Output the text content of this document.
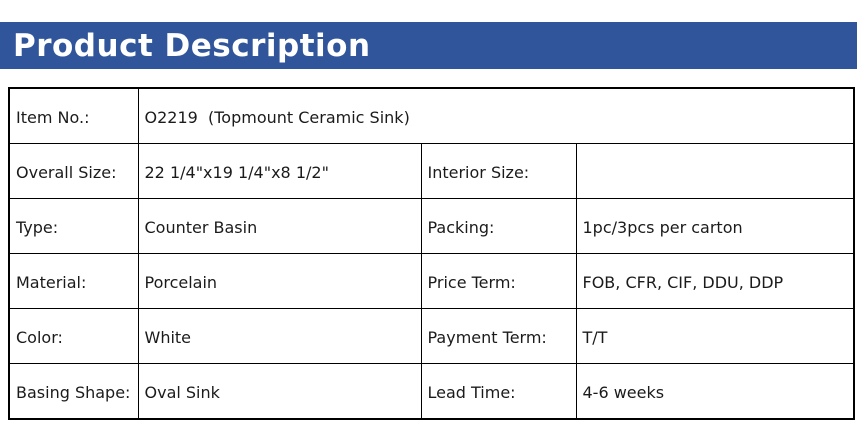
Product Description
Item No.:	O2219  (Topmount Ceramic Sink)		
Overall Size:	22 1/4"x19 1/4"x8 1/2"	Interior Size:	
Type:	Counter Basin	Packing:	1pc/3pcs per carton
Material:	Porcelain	Price Term:	FOB, CFR, CIF, DDU, DDP
Color:	White	Payment Term:	T/T
Basing Shape:	Oval Sink	Lead Time:	4-6 weeks
